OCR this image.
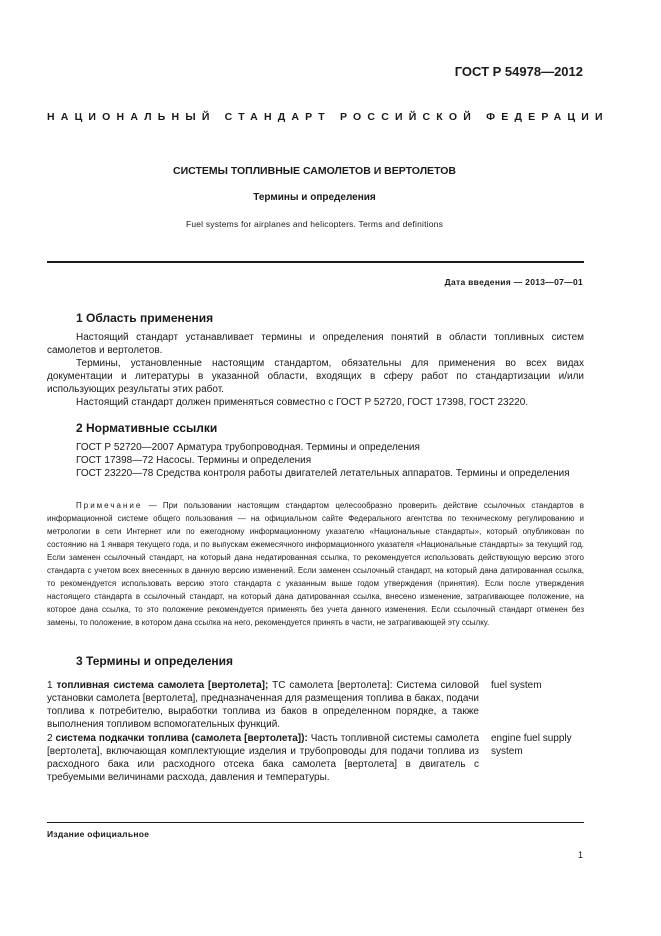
ГОСТ Р 54978—2012
НАЦИОНАЛЬНЫЙ СТАНДАРТ РОССИЙСКОЙ ФЕДЕРАЦИИ
СИСТЕМЫ ТОПЛИВНЫЕ САМОЛЕТОВ И ВЕРТОЛЕТОВ
Термины и определения
Fuel systems for airplanes and helicopters. Terms and definitions
Дата введения — 2013—07—01
1 Область применения

Настоящий стандарт устанавливает термины и определения понятий в области топливных систем самолетов и вертолетов.

Термины, установленные настоящим стандартом, обязательны для применения во всех видах документации и литературы в указанной области, входящих в сферу работ по стандартизации и/или использующих результаты этих работ.

Настоящий стандарт должен применяться совместно с ГОСТ Р 52720, ГОСТ 17398, ГОСТ 23220.

2 Нормативные ссылки

ГОСТ Р 52720—2007 Арматура трубопроводная. Термины и определения

ГОСТ 17398—72 Насосы. Термины и определения

ГОСТ 23220—78 Средства контроля работы двигателей летательных аппаратов. Термины и определения

Примечание — При пользовании настоящим стандартом целесообразно проверить действие ссылочных стандартов в информационной системе общего пользования — на официальном сайте Федерального агентства по техническому регулированию и метрологии в сети Интернет или по ежегодному информационному указателю «Национальные стандарты», который опубликован по состоянию на 1 января текущего года, и по выпускам ежемесячного информационного указателя «Национальные стандарты» за текущий год. Если заменен ссылочный стандарт, на который дана недатированная ссылка, то рекомендуется использовать действующую версию этого стандарта с учетом всех внесенных в данную версию изменений. Если заменен ссылочный стандарт, на который дана датированная ссылка, то рекомендуется использовать версию этого стандарта с указанным выше годом утверждения (принятия). Если после утверждения настоящего стандарта в ссылочный стандарт, на который дана датированная ссылка, внесено изменение, затрагивающее положение, на которое дана ссылка, то это положение рекомендуется применять без учета данного изменения. Если ссылочный стандарт отменен без замены, то положение, в котором дана ссылка на него, рекомендуется принять в части, не затрагивающей эту ссылку.
3 Термины и определения
1 топливная система самолета [вертолета]; ТС самолета [вертолета]: Система силовой установки самолета [вертолета], предназначенная для размещения топлива в баках, подачи топлива к потребителю, выработки топлива из баков в определенном порядке, а также выполнения топливом вспомогательных функций.
fuel system
2 система подкачки топлива (самолета [вертолета]): Часть топливной системы самолета [вертолета], включающая комплектующие изделия и трубопроводы для подачи топлива из расходного бака или расходного отсека бака самолета [вертолета] в двигатель с требуемыми величинами расхода, давления и температуры.
engine fuel supply system
Издание официальное
1
